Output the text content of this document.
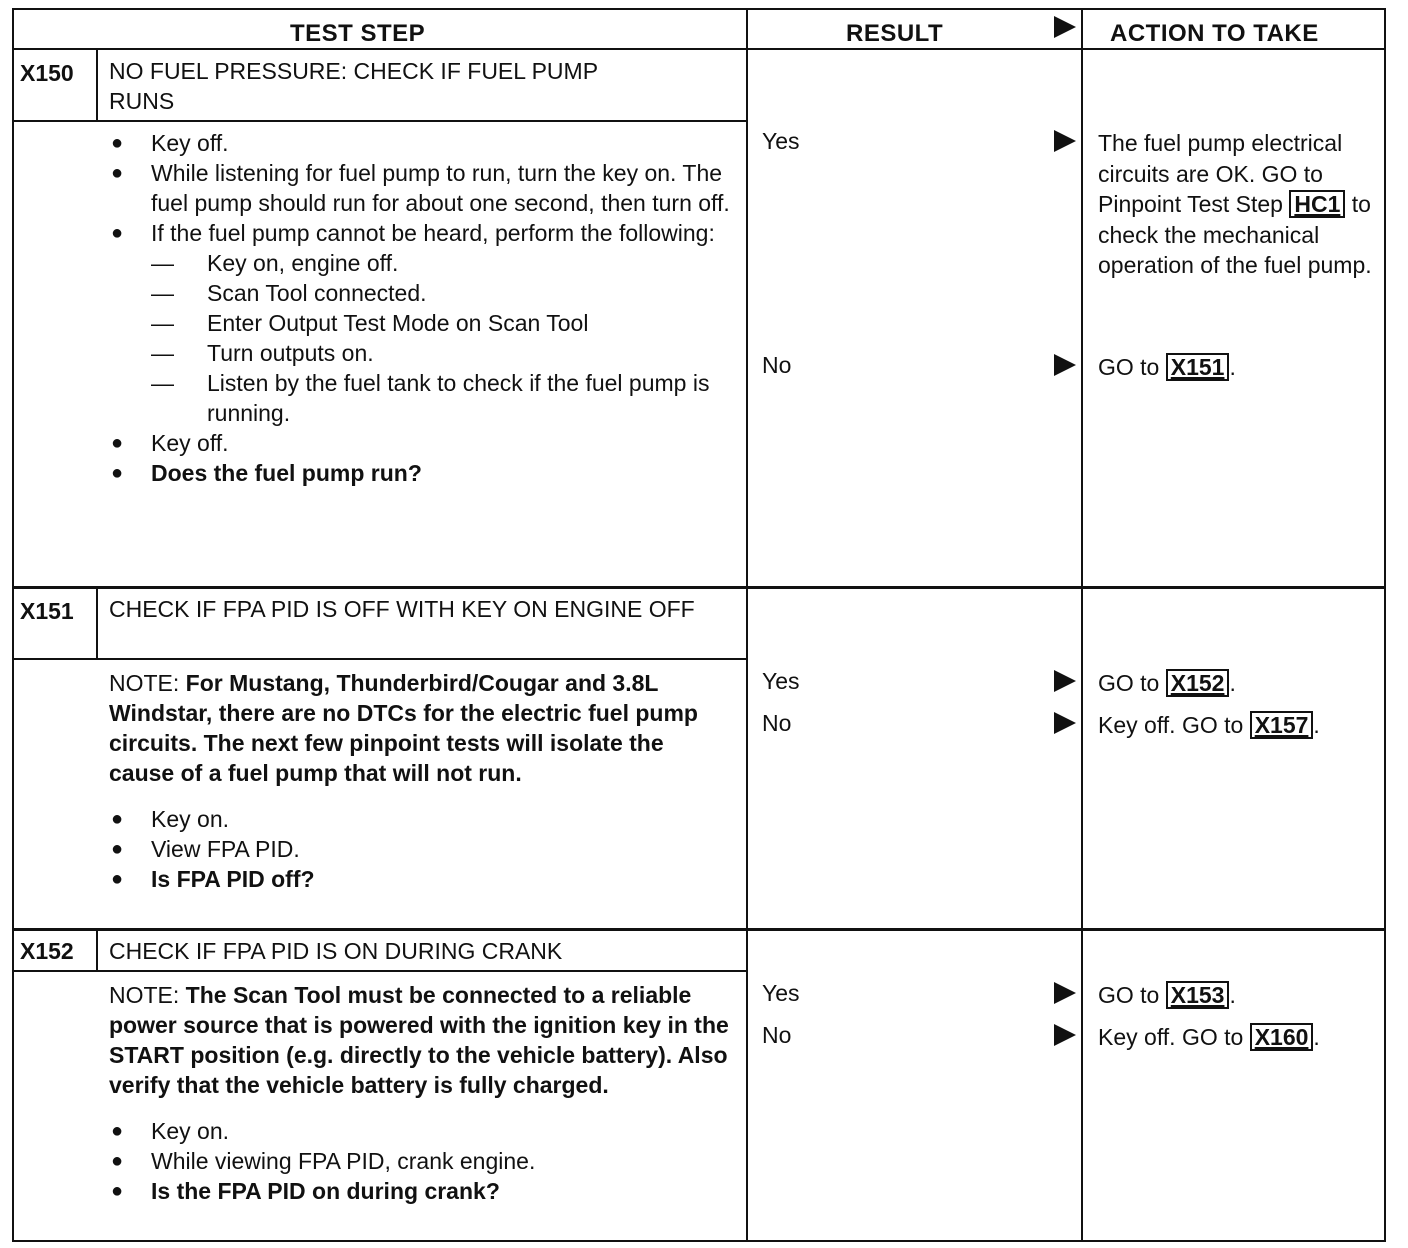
TEST STEP	RESULT	ACTION TO TAKE
X150 NO FUEL PRESSURE: CHECK IF FUEL PUMP RUNS
● Key off.
● While listening for fuel pump to run, turn the key on. The fuel pump should run for about one second, then turn off.
● If the fuel pump cannot be heard, perform the following:
— Key on, engine off.
— Scan Tool connected.
— Enter Output Test Mode on Scan Tool
— Turn outputs on.
— Listen by the fuel tank to check if the fuel pump is running.
● Key off.
● Does the fuel pump run?
Yes	The fuel pump electrical circuits are OK. GO to Pinpoint Test Step HC1 to check the mechanical operation of the fuel pump.
No	GO to X151 .
X151 CHECK IF FPA PID IS OFF WITH KEY ON ENGINE OFF
NOTE: For Mustang, Thunderbird/Cougar and 3.8L Windstar, there are no DTCs for the electric fuel pump circuits. The next few pinpoint tests will isolate the cause of a fuel pump that will not run.
● Key on.
● View FPA PID.
● Is FPA PID off?
Yes	GO to X152 .
No	Key off. GO to X157 .
X152 CHECK IF FPA PID IS ON DURING CRANK
NOTE: The Scan Tool must be connected to a reliable power source that is powered with the ignition key in the START position (e.g. directly to the vehicle battery). Also verify that the vehicle battery is fully charged.
● Key on.
● While viewing FPA PID, crank engine.
● Is the FPA PID on during crank?
Yes	GO to X153 .
No	Key off. GO to X160 .
